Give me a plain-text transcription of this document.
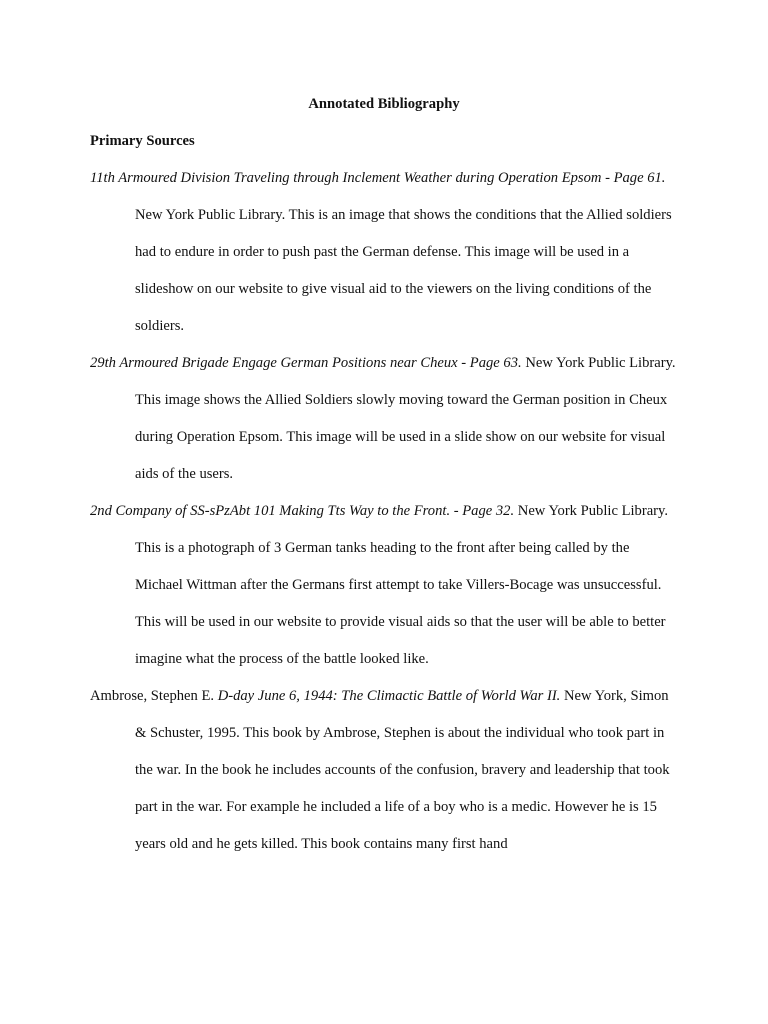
Annotated Bibliography
Primary Sources

11th Armoured Division Traveling through Inclement Weather during Operation Epsom - Page 61. New York Public Library. This is an image that shows the conditions that the Allied soldiers had to endure in order to push past the German defense. This image will be used in a slideshow on our website to give visual aid to the viewers on the living conditions of the soldiers.

29th Armoured Brigade Engage German Positions near Cheux - Page 63. New York Public Library. This image shows the Allied Soldiers slowly moving toward the German position in Cheux during Operation Epsom. This image will be used in a slide show on our website for visual aids of the users.

2nd Company of SS-sPzAbt 101 Making Tts Way to the Front. - Page 32. New York Public Library. This is a photograph of 3 German tanks heading to the front after being called by the Michael Wittman after the Germans first attempt to take Villers-Bocage was unsuccessful. This will be used in our website to provide visual aids so that the user will be able to better imagine what the process of the battle looked like.

Ambrose, Stephen E. D-day June 6, 1944: The Climactic Battle of World War II. New York, Simon & Schuster, 1995. This book by Ambrose, Stephen is about the individual who took part in the war. In the book he includes accounts of the confusion, bravery and leadership that took part in the war. For example he included a life of a boy who is a medic. However he is 15 years old and he gets killed. This book contains many first hand
